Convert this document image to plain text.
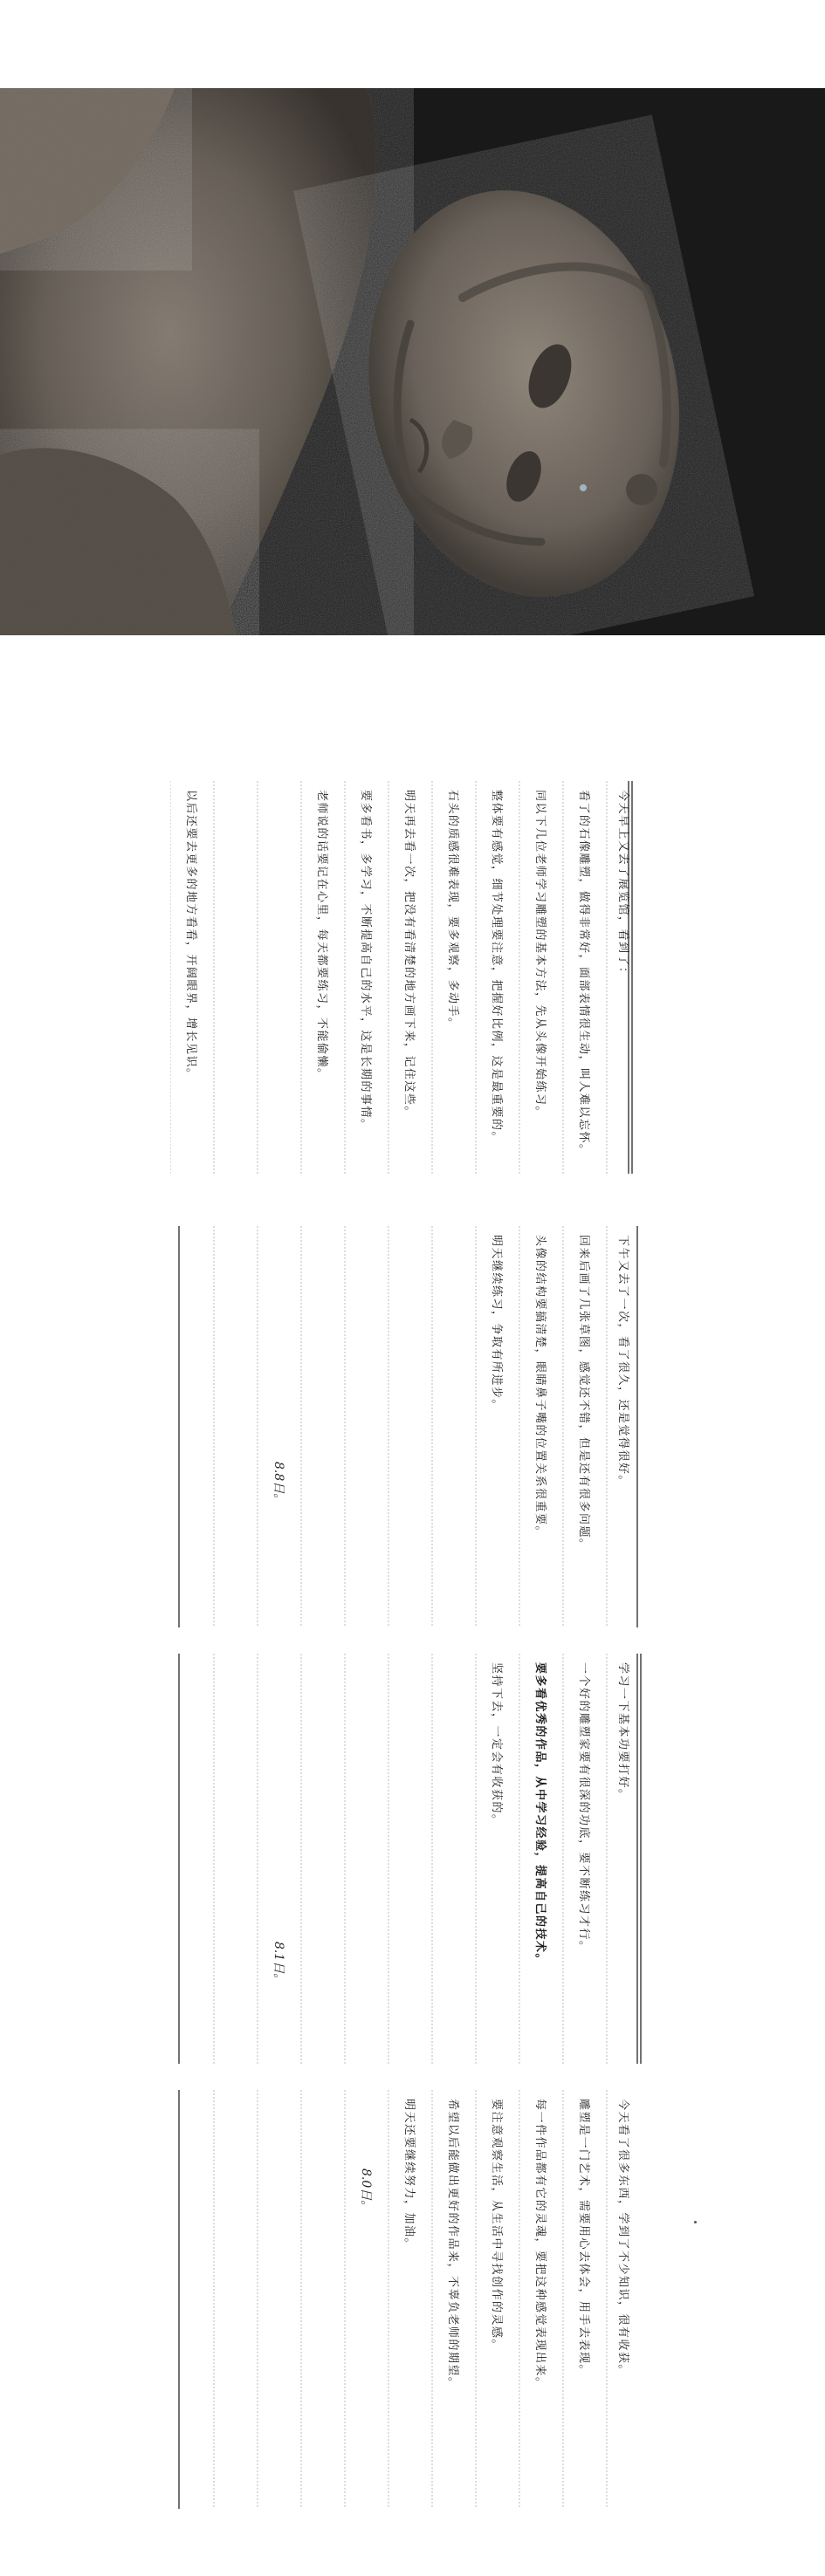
今天早上又去了展览馆，看到了：
看了的石像雕塑，做得非常好，面部表情很生动，叫人难以忘怀。
同以下几位老师学习雕塑的基本方法，先从头像开始练习。
整体要有感觉，细节处理要注意，把握好比例，这是最重要的。
石头的质感很难表现，要多观察，多动手。
明天再去看一次，把没有看清楚的地方画下来，记住这些。
要多看书，多学习，不断提高自己的水平，这是长期的事情。
老师说的话要记在心里，每天都要练习，不能偷懒。
以后还要去更多的地方看看，开阔眼界，增长见识。
下午又去了一次，看了很久，还是觉得很好。
回来后画了几张草图，感觉还不错，但是还有很多问题。
头像的结构要搞清楚，眼睛鼻子嘴的位置关系很重要。
明天继续练习，争取有所进步。
8.8日。
学习一下基本功要打好。
一个好的雕塑家要有很深的功底，要不断练习才行。
要多看优秀的作品，从中学习经验，提高自己的技术。
坚持下去，一定会有收获的。
8.1日。
今天看了很多东西，学到了不少知识，很有收获。
雕塑是一门艺术，需要用心去体会，用手去表现。
每一件作品都有它的灵魂，要把这种感觉表现出来。
要注意观察生活，从生活中寻找创作的灵感。
希望以后能做出更好的作品来，不辜负老师的期望。
明天还要继续努力，加油。
8.0日。
